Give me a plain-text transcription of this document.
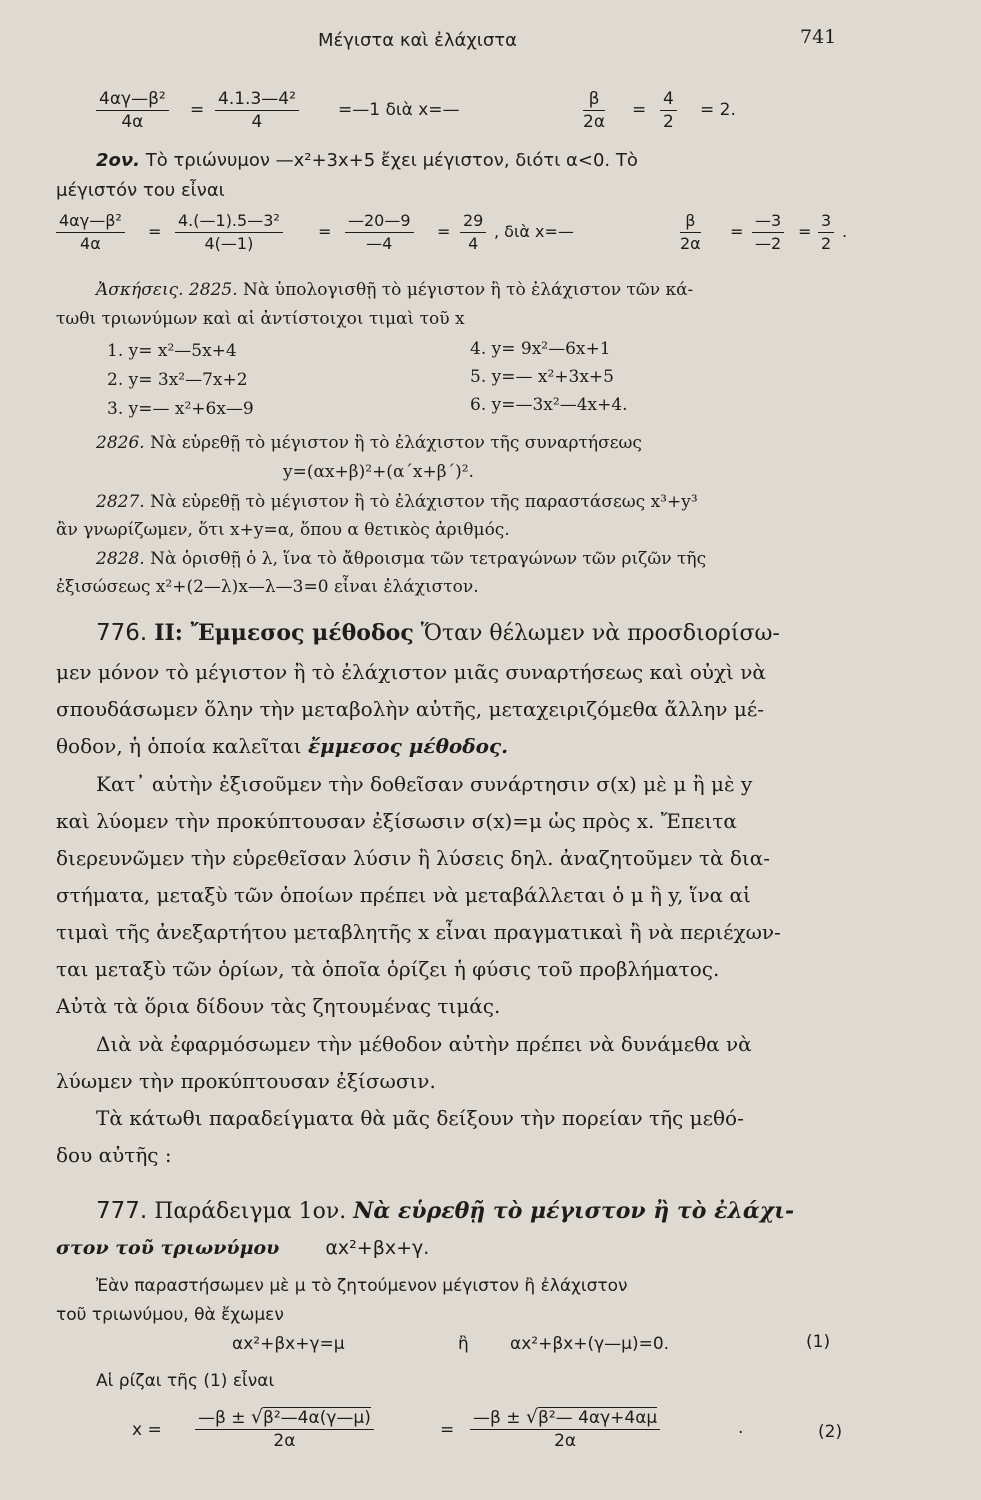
Μέγιστα καὶ ἐλάχιστα	741
$\frac{\text{4αγ—β²}}{4\alpha} = \frac{\text{4.1.3—4²}}{4}$ =—1 διὰ x=—	$\frac{\beta}{2\alpha} = \frac{4}{2} = 2$.
2ον. Τὸ τριώνυμον —x²+3x+5 ἔχει μέγιστον, διότι α<0. Τὸ
μέγιστόν του εἶναι
$\frac{\text{4αγ—β²}}{4\alpha} = \frac{\text{4.(—1).5—3²}}{4(—1)} = \frac{—20—9}{—4} = \frac{29}{4}$ , διὰ x=—	$\frac{\beta}{2\alpha} = \frac{—3}{—2} = \frac{3}{2}$ .
Ἀσκήσεις. 2825. Νὰ ὑπολογισθῇ τὸ μέγιστον ἢ τὸ ἐλάχιστον τῶν κά-
τωθι τριωνύμων καὶ αἱ ἀντίστοιχοι τιμαὶ τοῦ x
1. y= x²—5x+4
2. y= 3x²—7x+2
3. y=— x²+6x—9
4. y= 9x²—6x+1
5. y=— x²+3x+5
6. y=—3x²—4x+4.
2826. Νὰ εὑρεθῇ τὸ μέγιστον ἢ τὸ ἐλάχιστον τῆς συναρτήσεως
y=(αx+β)²+(α΄x+β΄)².
2827. Νὰ εὑρεθῇ τὸ μέγιστον ἢ τὸ ἐλάχιστον τῆς παραστάσεως x³+y³
ἂν γνωρίζωμεν, ὅτι x+y=α, ὅπου α θετικὸς ἀριθμός.
2828. Νὰ ὁρισθῇ ὁ λ, ἵνα τὸ ἄθροισμα τῶν τετραγώνων τῶν ριζῶν τῆς
ἐξισώσεως x²+(2—λ)x—λ—3=0 εἶναι ἐλάχιστον.
776. II: Ἔμμεσος μέθοδος Ὅταν θέλωμεν νὰ προσδιορίσω-
μεν μόνον τὸ μέγιστον ἢ τὸ ἐλάχιστον μιᾶς συναρτήσεως καὶ οὐχὶ νὰ
σπουδάσωμεν ὅλην τὴν μεταβολὴν αὐτῆς, μεταχειριζόμεθα ἄλλην μέ-
θοδον, ἡ ὁποία καλεῖται ἔμμεσος μέθοδος.
Κατ᾿ αὐτὴν ἐξισοῦμεν τὴν δοθεῖσαν συνάρτησιν σ(x) μὲ μ ἢ μὲ y
καὶ λύομεν τὴν προκύπτουσαν ἐξίσωσιν σ(x)=μ ὡς πρὸς x. Ἔπειτα
διερευνῶμεν τὴν εὑρεθεῖσαν λύσιν ἢ λύσεις δηλ. ἀναζητοῦμεν τὰ δια-
στήματα, μεταξὺ τῶν ὁποίων πρέπει νὰ μεταβάλλεται ὁ μ ἢ y, ἵνα αἱ
τιμαὶ τῆς ἀνεξαρτήτου μεταβλητῆς x εἶναι πραγματικαὶ ἢ νὰ περιέχων-
ται μεταξὺ τῶν ὁρίων, τὰ ὁποῖα ὁρίζει ἡ φύσις τοῦ προβλήματος.
Αὐτὰ τὰ ὅρια δίδουν τὰς ζητουμένας τιμάς.
Διὰ νὰ ἐφαρμόσωμεν τὴν μέθοδον αὐτὴν πρέπει νὰ δυνάμεθα νὰ
λύωμεν τὴν προκύπτουσαν ἐξίσωσιν.
Τὰ κάτωθι παραδείγματα θὰ μᾶς δείξουν τὴν πορείαν τῆς μεθό-
δου αὐτῆς :
777. Παράδειγμα 1ον. Νὰ εὑρεθῇ τὸ μέγιστον ἢ τὸ ἐλάχι-
στον τοῦ τριωνύμου αx²+βx+γ.
Ἐὰν παραστήσωμεν μὲ μ τὸ ζητούμενον μέγιστον ἢ ἐλάχιστον
τοῦ τριωνύμου, θὰ ἔχωμεν
αx²+βx+γ=μ	ἢ αx²+βx+(γ—μ)=0.	(1)
Αἱ ρίζαι τῆς (1) εἶναι
$x = \frac{\text{—β ± √β²—4α(γ—μ)}}{2\alpha}$	= $\frac{\text{—β ± √β²— 4αγ+4αμ}}{2\alpha}$	.	(2)
